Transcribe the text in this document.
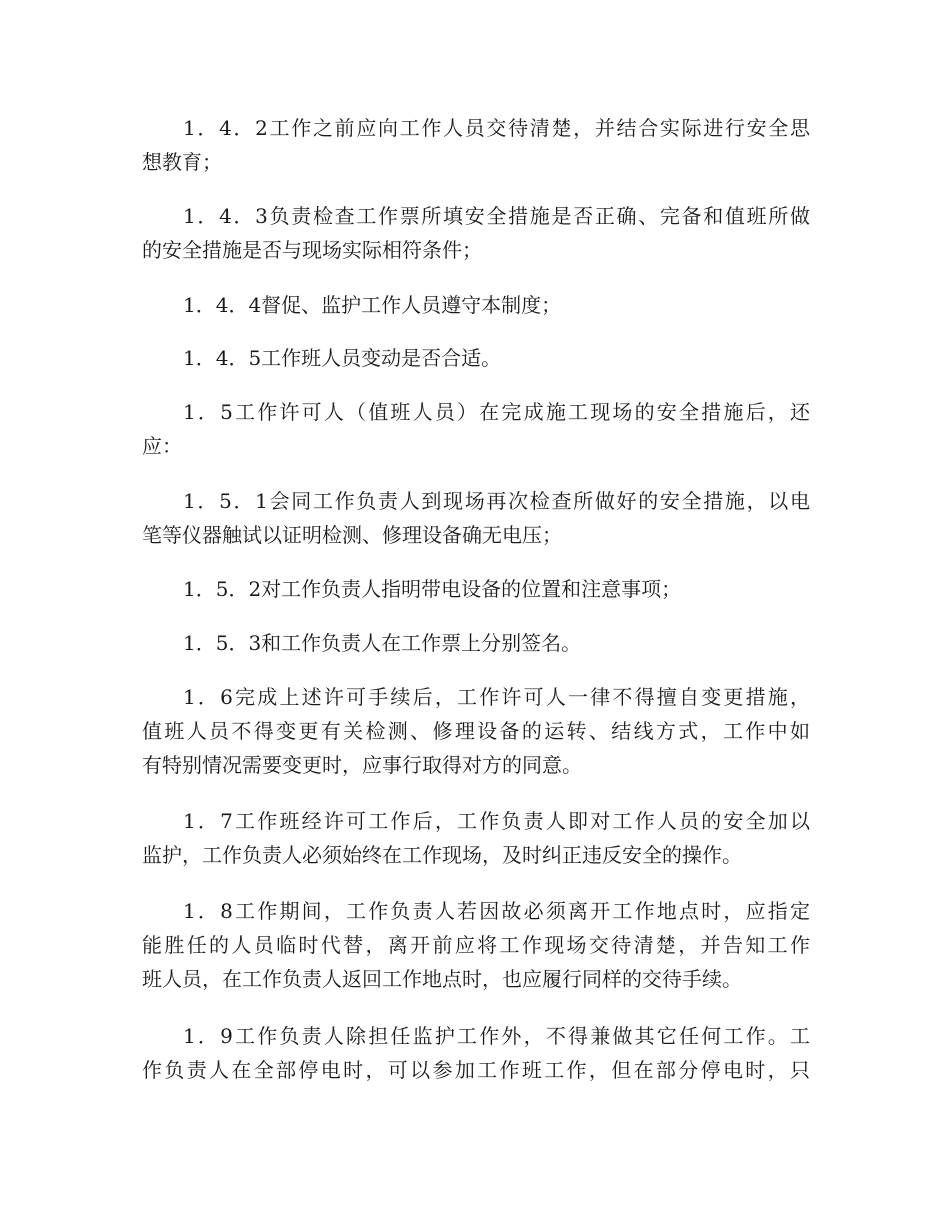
1．4．2工作之前应向工作人员交待清楚，并结合实际进行安全思
想教育；
1．4．3负责检查工作票所填安全措施是否正确、完备和值班所做
的安全措施是否与现场实际相符条件；
1．4．4督促、监护工作人员遵守本制度；
1．4．5工作班人员变动是否合适。
1．5工作许可人（值班人员）在完成施工现场的安全措施后，还
应：
1．5．1会同工作负责人到现场再次检查所做好的安全措施，以电
笔等仪器触试以证明检测、修理设备确无电压；
1．5．2对工作负责人指明带电设备的位置和注意事项；
1．5．3和工作负责人在工作票上分别签名。
1．6完成上述许可手续后，工作许可人一律不得擅自变更措施，
值班人员不得变更有关检测、修理设备的运转、结线方式，工作中如
有特别情况需要变更时，应事行取得对方的同意。
1．7工作班经许可工作后，工作负责人即对工作人员的安全加以
监护，工作负责人必须始终在工作现场，及时纠正违反安全的操作。
1．8工作期间，工作负责人若因故必须离开工作地点时，应指定
能胜任的人员临时代替，离开前应将工作现场交待清楚，并告知工作
班人员，在工作负责人返回工作地点时，也应履行同样的交待手续。
1．9工作负责人除担任监护工作外，不得兼做其它任何工作。工
作负责人在全部停电时，可以参加工作班工作，但在部分停电时，只
